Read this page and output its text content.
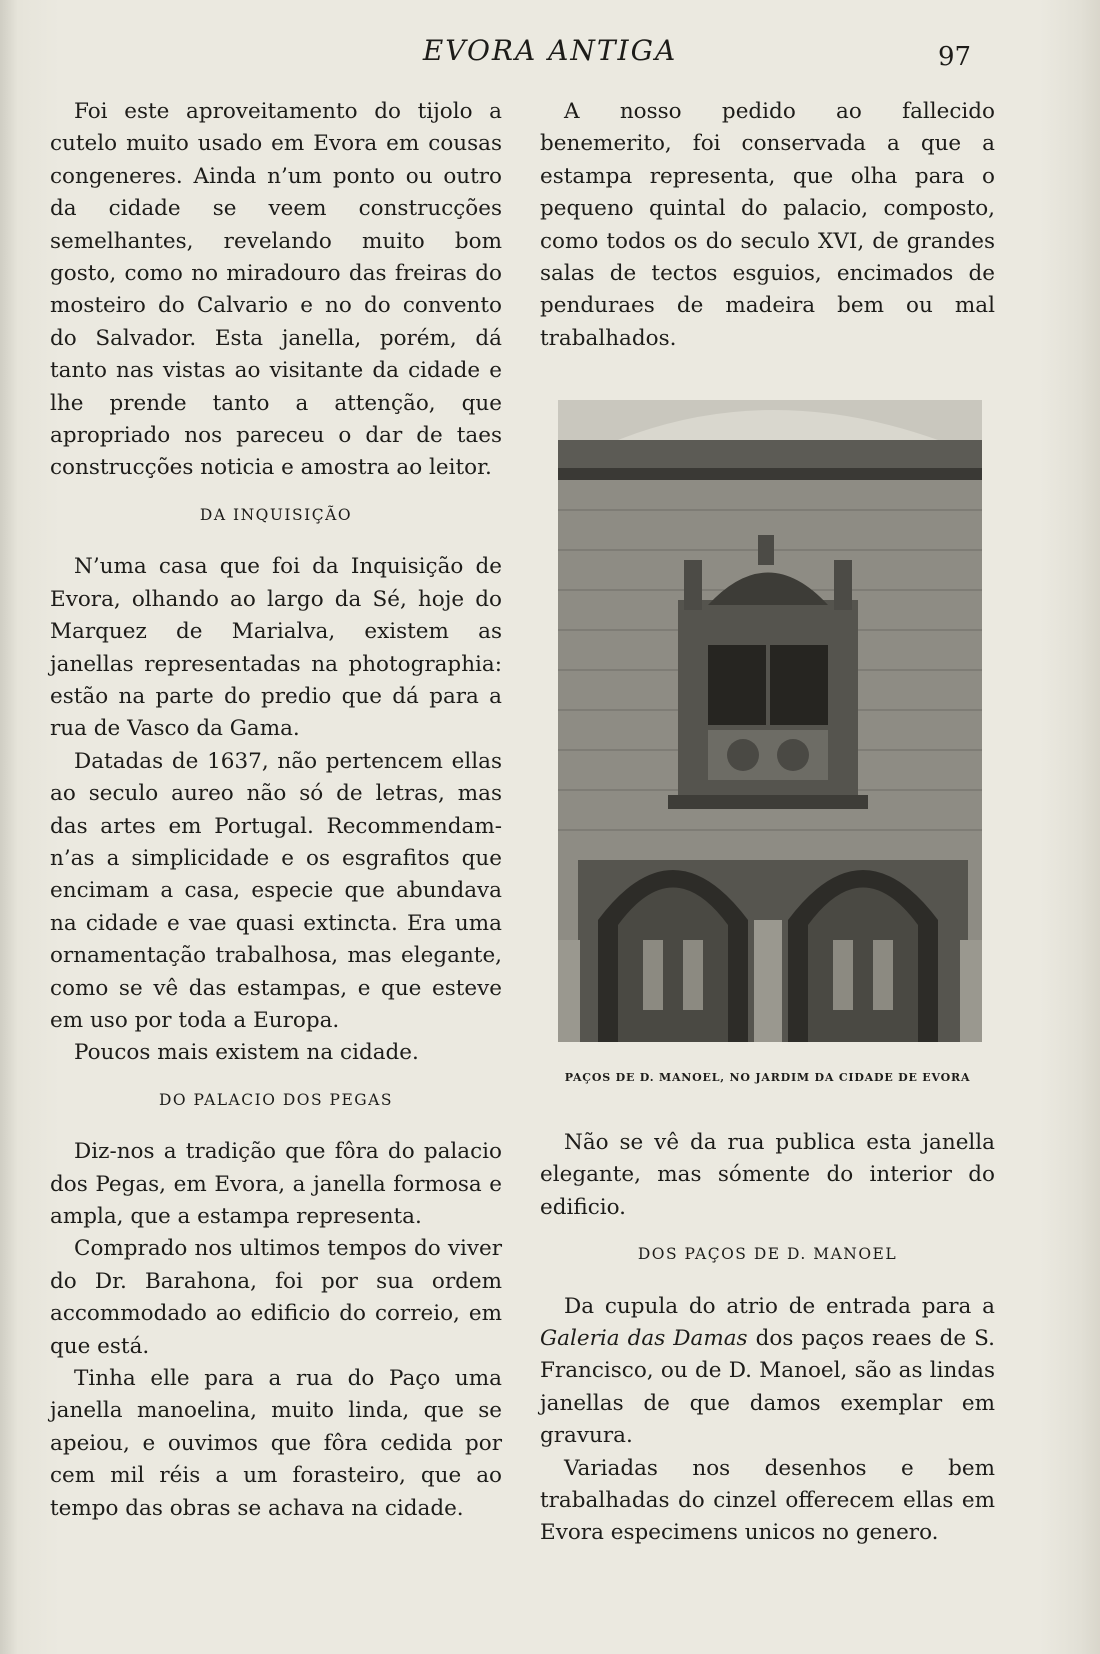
EVORA ANTIGA	97

Foi este aproveitamento do tijolo a cutelo muito usado em Evora em cousas congeneres. Ainda n’um ponto ou outro da cidade se veem construcções semelhantes, revelando muito bom gosto, como no miradouro das freiras do mosteiro do Calvario e no do convento do Salvador. Esta janella, porém, dá tanto nas vistas ao visitante da cidade e lhe prende tanto a attenção, que apropriado nos pareceu o dar de taes construcções noticia e amostra ao leitor.

DA INQUISIÇÃO

N’uma casa que foi da Inquisição de Evora, olhando ao largo da Sé, hoje do Marquez de Marialva, existem as janellas representadas na photographia: estão na parte do predio que dá para a rua de Vasco da Gama.

Datadas de 1637, não pertencem ellas ao seculo aureo não só de letras, mas das artes em Portugal. Recommendam-n’as a simplicidade e os esgrafitos que encimam a casa, especie que abundava na cidade e vae quasi extincta. Era uma ornamentação trabalhosa, mas elegante, como se vê das estampas, e que esteve em uso por toda a Europa.

Poucos mais existem na cidade.

DO PALACIO DOS PEGAS

Diz-nos a tradição que fôra do palacio dos Pegas, em Evora, a janella formosa e ampla, que a estampa representa.

Comprado nos ultimos tempos do viver do Dr. Barahona, foi por sua ordem accommodado ao edificio do correio, em que está.

Tinha elle para a rua do Paço uma janella manoelina, muito linda, que se apeiou, e ouvimos que fôra cedida por cem mil réis a um forasteiro, que ao tempo das obras se achava na cidade.

A nosso pedido ao fallecido benemerito, foi conservada a que a estampa representa, que olha para o pequeno quintal do palacio, composto, como todos os do seculo XVI, de grandes salas de tectos esguios, encimados de penduraes de madeira bem ou mal trabalhados.

PAÇOS DE D. MANOEL, NO JARDIM DA CIDADE DE EVORA

Não se vê da rua publica esta janella elegante, mas sómente do interior do edificio.

DOS PAÇOS DE D. MANOEL

Da cupula do atrio de entrada para a Galeria das Damas dos paços reaes de S. Francisco, ou de D. Manoel, são as lindas janellas de que damos exemplar em gravura.

Variadas nos desenhos e bem trabalhadas do cinzel offerecem ellas em Evora especimens unicos no genero.
